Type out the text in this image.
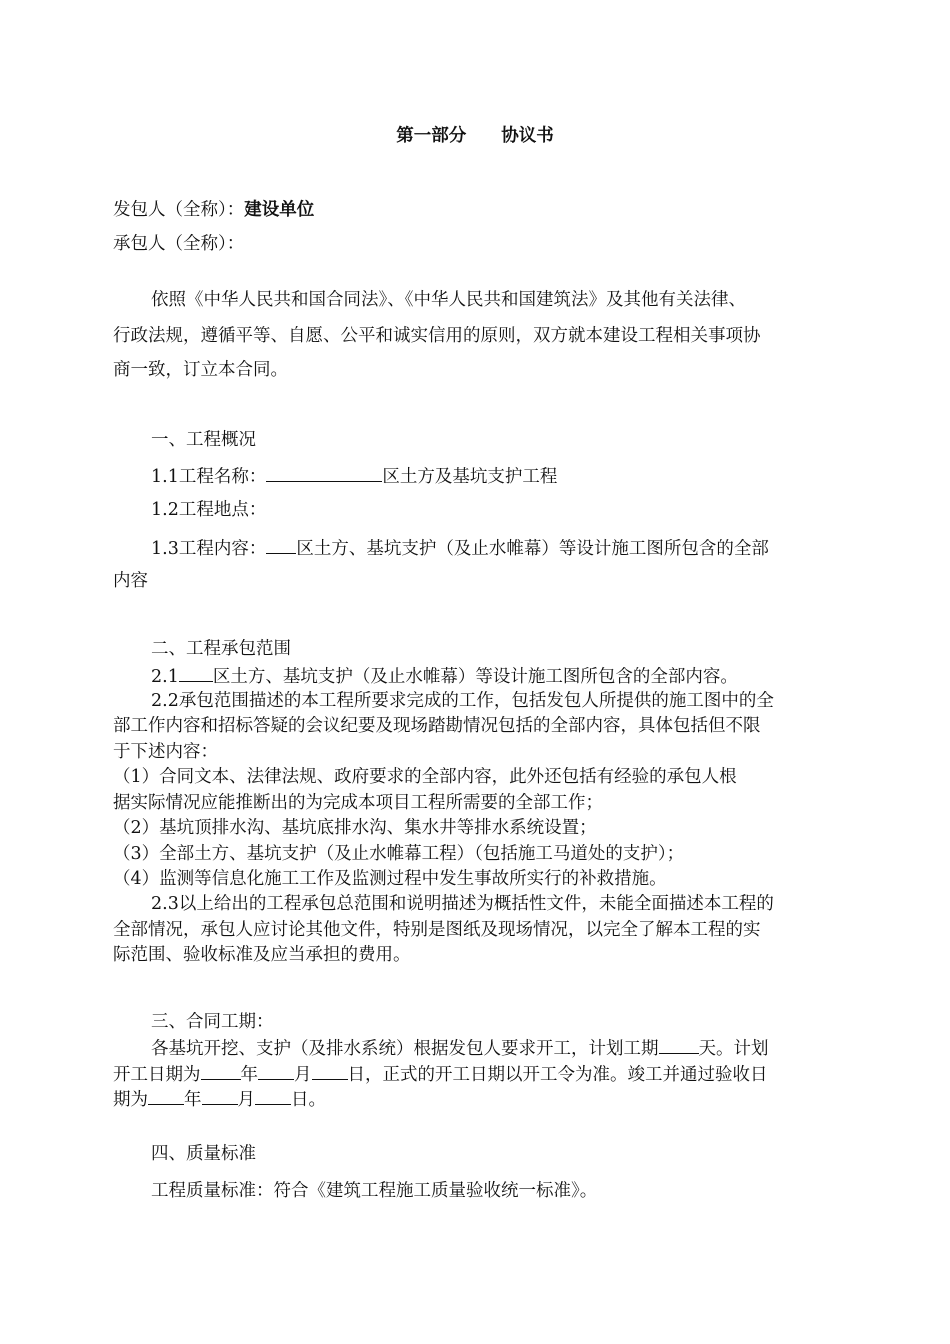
第一部分　　协议书
发包人（全称）：建设单位
承包人（全称）：
依照《中华人民共和国合同法》、《中华人民共和国建筑法》及其他有关法律、
行政法规，遵循平等、自愿、公平和诚实信用的原则，双方就本建设工程相关事项协
商一致，订立本合同。
一、工程概况
1.1工程名称：	区土方及基坑支护工程
1.2工程地点：
1.3工程内容： 区土方、基坑支护（及止水帷幕）等设计施工图所包含的全部
内容
二、工程承包范围
2.1 区土方、基坑支护（及止水帷幕）等设计施工图所包含的全部内容。
2.2承包范围描述的本工程所要求完成的工作，包括发包人所提供的施工图中的全
部工作内容和招标答疑的会议纪要及现场踏勘情况包括的全部内容，具体包括但不限
于下述内容：
（1）合同文本、法律法规、政府要求的全部内容，此外还包括有经验的承包人根
据实际情况应能推断出的为完成本项目工程所需要的全部工作；
（2）基坑顶排水沟、基坑底排水沟、集水井等排水系统设置；
（3）全部土方、基坑支护（及止水帷幕工程）（包括施工马道处的支护）；
（4）监测等信息化施工工作及监测过程中发生事故所实行的补救措施。
2.3以上给出的工程承包总范围和说明描述为概括性文件，未能全面描述本工程的
全部情况，承包人应讨论其他文件，特别是图纸及现场情况，以完全了解本工程的实
际范围、验收标准及应当承担的费用。
三、合同工期：
各基坑开挖、支护（及排水系统）根据发包人要求开工，计划工期 天。计划
开工日期为 年 月 日，正式的开工日期以开工令为准。竣工并通过验收日
期为 年 月 日。
四、质量标准
工程质量标准：符合《建筑工程施工质量验收统一标准》。
